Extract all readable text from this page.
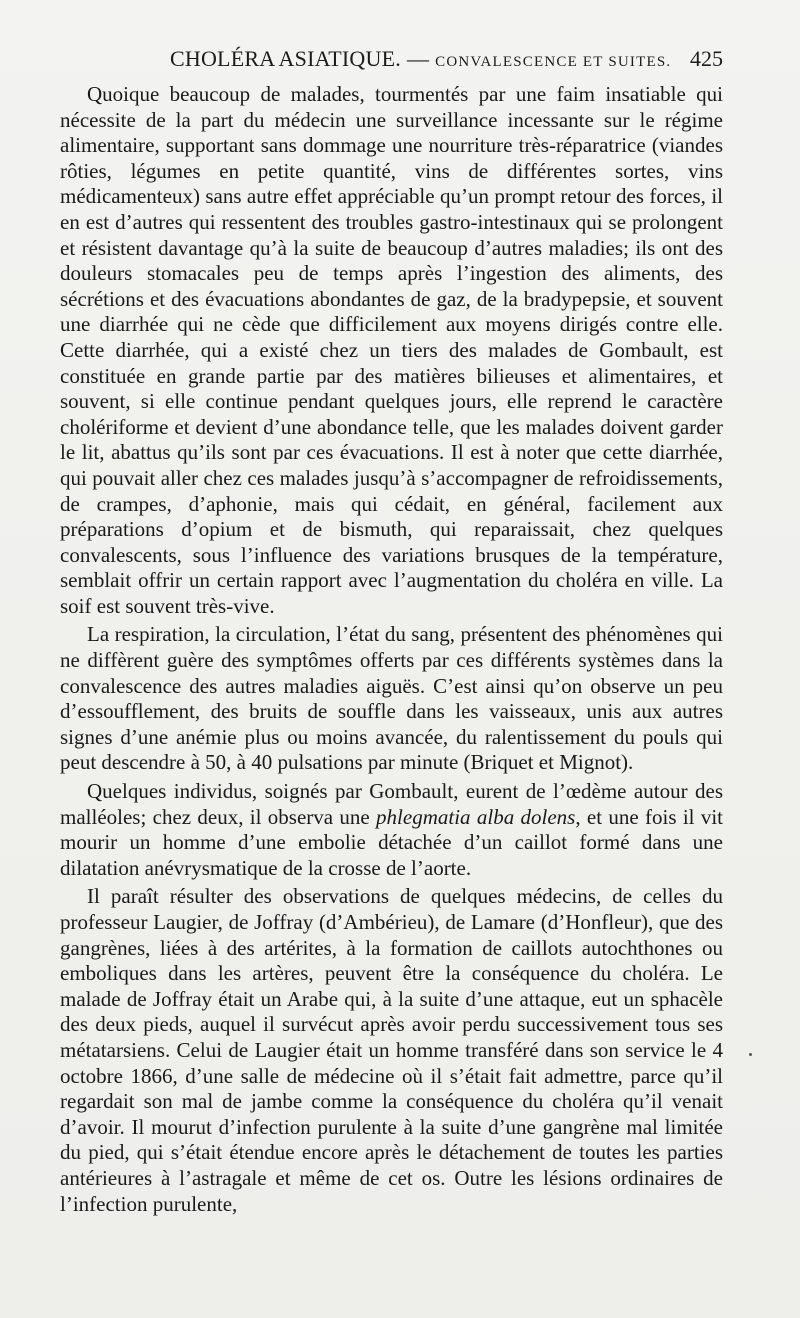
CHOLÉRA ASIATIQUE. — CONVALESCENCE ET SUITES. 425

Quoique beaucoup de malades, tourmentés par une faim insatiable qui nécessite de la part du médecin une surveillance incessante sur le régime alimentaire, supportant sans dommage une nourriture très-réparatrice (viandes rôties, légumes en petite quantité, vins de différentes sortes, vins médicamenteux) sans autre effet appréciable qu’un prompt retour des forces, il en est d’autres qui ressentent des troubles gastro-intestinaux qui se prolongent et résistent davantage qu’à la suite de beaucoup d’autres maladies; ils ont des douleurs stomacales peu de temps après l’ingestion des aliments, des sécrétions et des évacuations abondantes de gaz, de la bradypepsie, et souvent une diarrhée qui ne cède que difficilement aux moyens dirigés contre elle. Cette diarrhée, qui a existé chez un tiers des malades de Gombault, est constituée en grande partie par des matières bilieuses et alimentaires, et souvent, si elle continue pendant quelques jours, elle reprend le caractère cholériforme et devient d’une abondance telle, que les malades doivent garder le lit, abattus qu’ils sont par ces évacuations. Il est à noter que cette diarrhée, qui pouvait aller chez ces malades jusqu’à s’accompagner de refroidissements, de crampes, d’aphonie, mais qui cédait, en général, facilement aux préparations d’opium et de bismuth, qui reparaissait, chez quelques convalescents, sous l’influence des variations brusques de la température, semblait offrir un certain rapport avec l’augmentation du choléra en ville. La soif est souvent très-vive.

La respiration, la circulation, l’état du sang, présentent des phénomènes qui ne diffèrent guère des symptômes offerts par ces différents systèmes dans la convalescence des autres maladies aiguës. C’est ainsi qu’on observe un peu d’essoufflement, des bruits de souffle dans les vaisseaux, unis aux autres signes d’une anémie plus ou moins avancée, du ralentissement du pouls qui peut descendre à 50, à 40 pulsations par minute (Briquet et Mignot).

Quelques individus, soignés par Gombault, eurent de l’œdème autour des malléoles; chez deux, il observa une phlegmatia alba dolens, et une fois il vit mourir un homme d’une embolie détachée d’un caillot formé dans une dilatation anévrysmatique de la crosse de l’aorte.

Il paraît résulter des observations de quelques médecins, de celles du professeur Laugier, de Joffray (d’Ambérieu), de Lamare (d’Honfleur), que des gangrènes, liées à des artérites, à la formation de caillots autochthones ou emboliques dans les artères, peuvent être la conséquence du choléra. Le malade de Joffray était un Arabe qui, à la suite d’une attaque, eut un sphacèle des deux pieds, auquel il survécut après avoir perdu successivement tous ses métatarsiens. Celui de Laugier était un homme transféré dans son service le 4 octobre 1866, d’une salle de médecine où il s’était fait admettre, parce qu’il regardait son mal de jambe comme la conséquence du choléra qu’il venait d’avoir. Il mourut d’infection purulente à la suite d’une gangrène mal limitée du pied, qui s’était étendue encore après le détachement de toutes les parties antérieures à l’astragale et même de cet os. Outre les lésions ordinaires de l’infection purulente,
